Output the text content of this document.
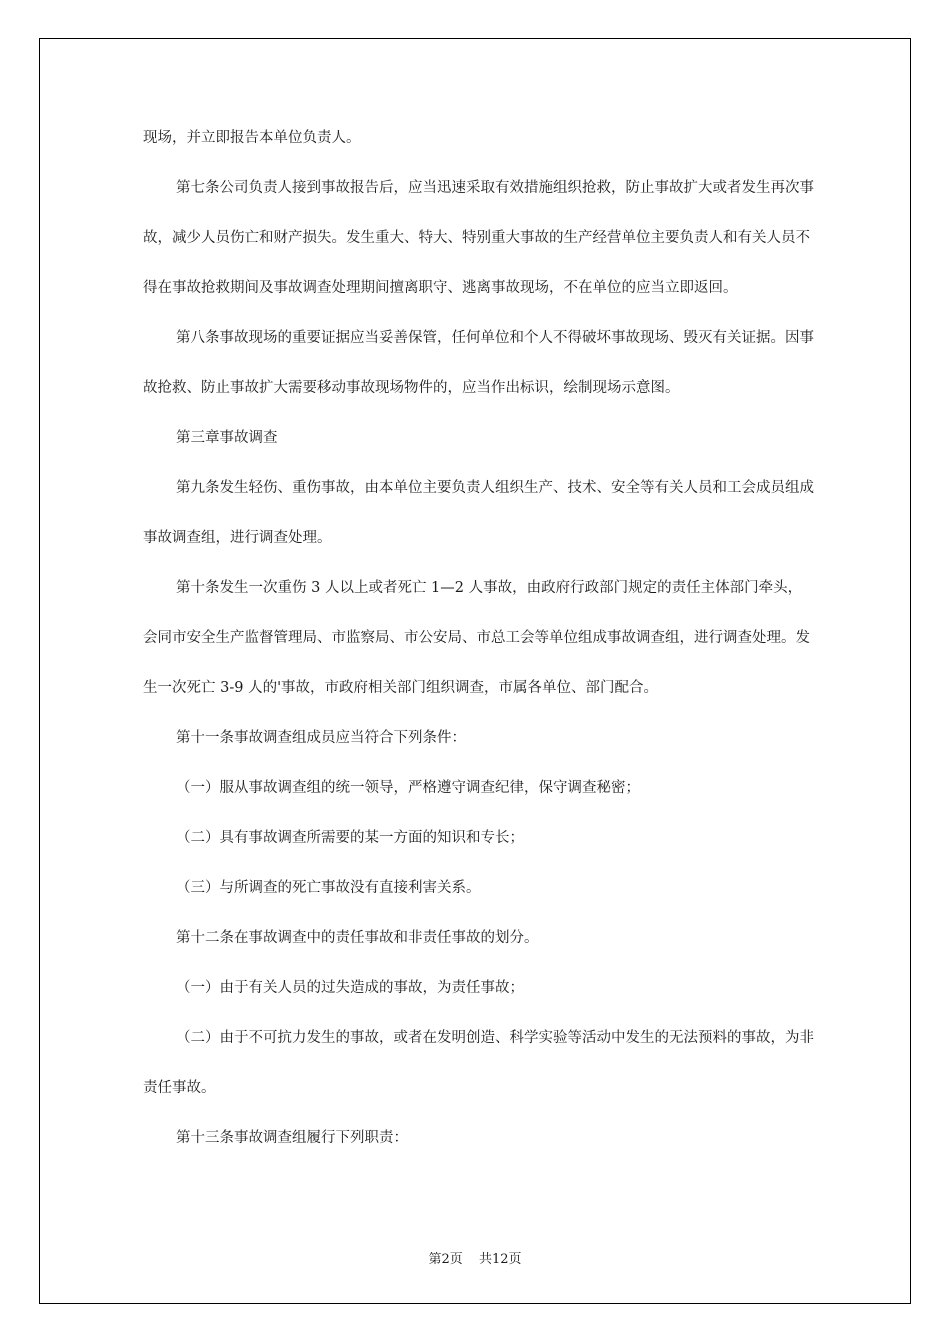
现场，并立即报告本单位负责人。

第七条公司负责人接到事故报告后，应当迅速采取有效措施组织抢救，防止事故扩大或者发生再次事故，减少人员伤亡和财产损失。发生重大、特大、特别重大事故的生产经营单位主要负责人和有关人员不得在事故抢救期间及事故调查处理期间擅离职守、逃离事故现场，不在单位的应当立即返回。

第八条事故现场的重要证据应当妥善保管，任何单位和个人不得破坏事故现场、毁灭有关证据。因事故抢救、防止事故扩大需要移动事故现场物件的，应当作出标识，绘制现场示意图。

第三章事故调查

第九条发生轻伤、重伤事故，由本单位主要负责人组织生产、技术、安全等有关人员和工会成员组成事故调查组，进行调查处理。

第十条发生一次重伤 3 人以上或者死亡 1—2 人事故，由政府行政部门规定的责任主体部门牵头，会同市安全生产监督管理局、市监察局、市公安局、市总工会等单位组成事故调查组，进行调查处理。发生一次死亡 3-9 人的'事故，市政府相关部门组织调查，市属各单位、部门配合。

第十一条事故调查组成员应当符合下列条件：

（一）服从事故调查组的统一领导，严格遵守调查纪律，保守调查秘密；

（二）具有事故调查所需要的某一方面的知识和专长；

（三）与所调查的死亡事故没有直接利害关系。

第十二条在事故调查中的责任事故和非责任事故的划分。

（一）由于有关人员的过失造成的事故，为责任事故；

（二）由于不可抗力发生的事故，或者在发明创造、科学实验等活动中发生的无法预料的事故，为非责任事故。

第十三条事故调查组履行下列职责：

第2页 共12页
